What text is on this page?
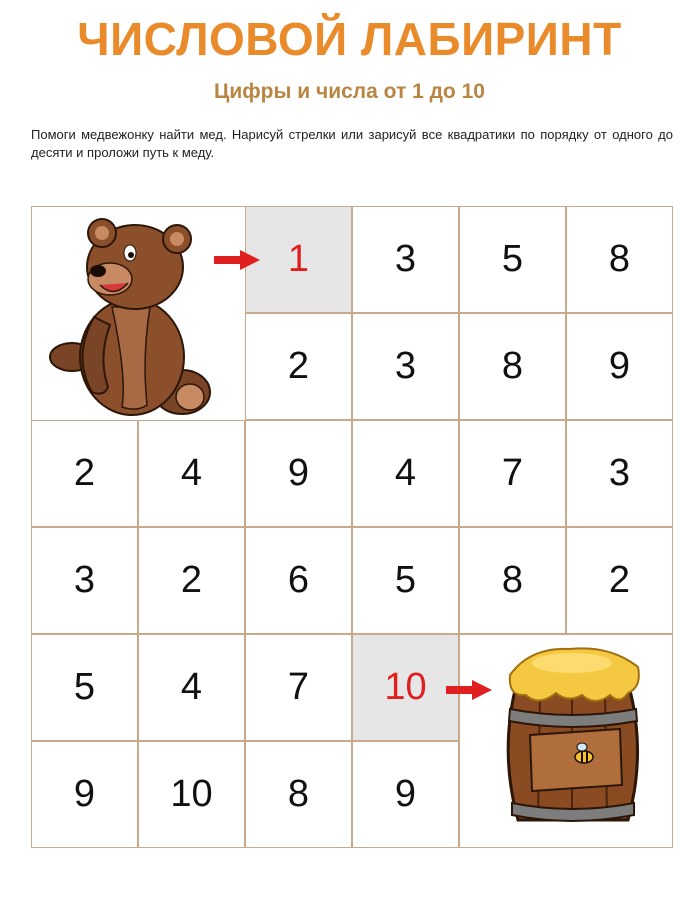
ЧИСЛОВОЙ ЛАБИРИНТ
Цифры и числа от 1 до 10
Помоги медвежонку найти мед. Нарисуй стрелки или зарисуй все квадратики по порядку от одного до десяти и проложи путь к меду.
1	3	5	8
2	3	8	9
2	4	9	4	7	3
3	2	6	5	8	2
5	4	7	10
9	10	8	9
